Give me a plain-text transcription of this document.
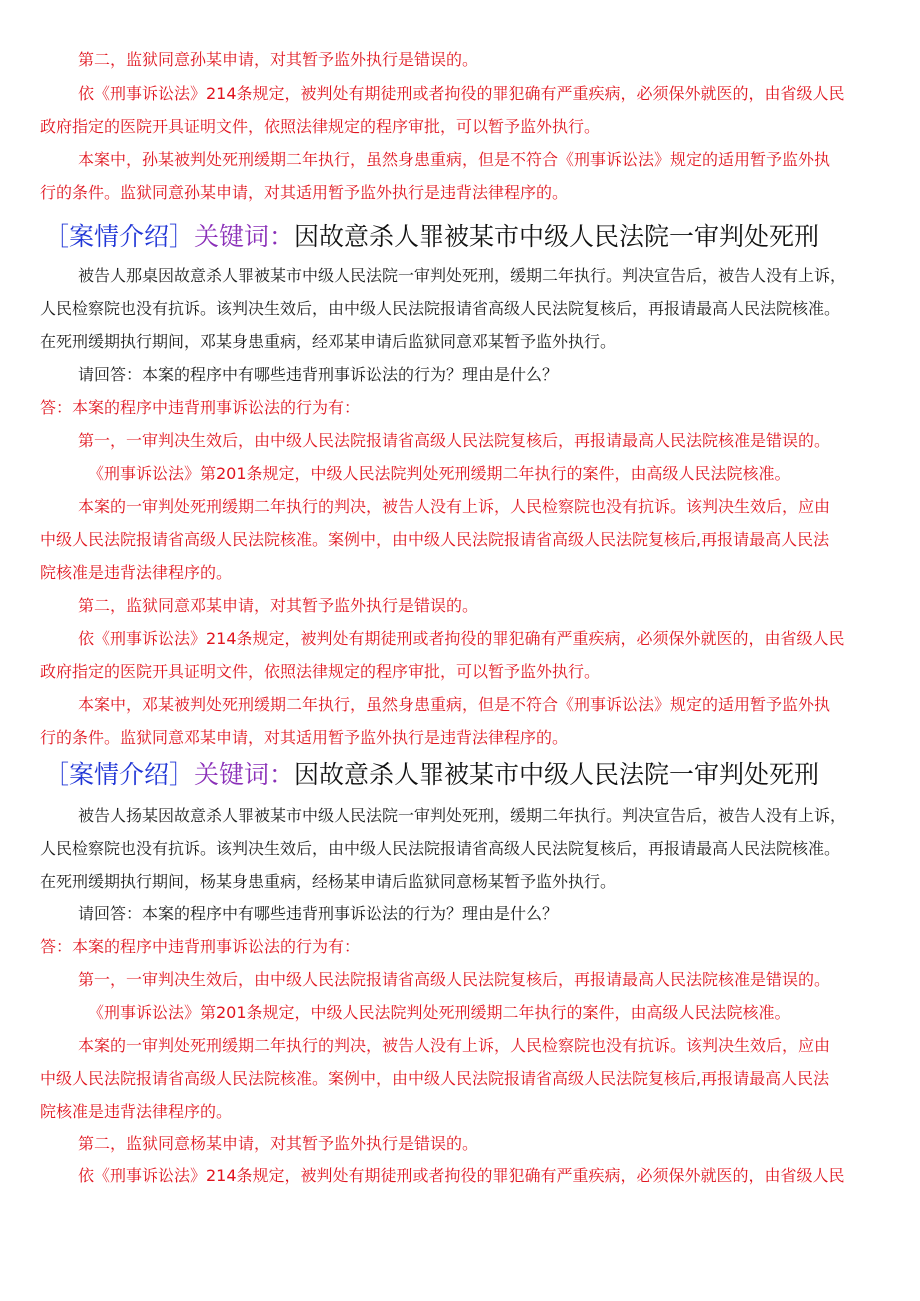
第二，监狱同意孙某申请，对其暂予监外执行是错误的。
依《刑事诉讼法》214条规定，被判处有期徒刑或者拘役的罪犯确有严重疾病，必须保外就医的，由省级人民
政府指定的医院开具证明文件，依照法律规定的程序审批，可以暂予监外执行。
本案中，孙某被判处死刑缓期二年执行，虽然身患重病，但是不符合《刑事诉讼法》规定的适用暂予监外执
行的条件。监狱同意孙某申请，对其适用暂予监外执行是违背法律程序的。
［案情介绍］关键词：因故意杀人罪被某市中级人民法院一审判处死刑
被告人那桌因故意杀人罪被某市中级人民法院一审判处死刑，缓期二年执行。判决宣告后，被告人没有上诉，
人民检察院也没有抗诉。该判决生效后，由中级人民法院报请省高级人民法院复核后，再报请最高人民法院核准。
在死刑缓期执行期间，邓某身患重病，经邓某申请后监狱同意邓某暂予监外执行。
请回答：本案的程序中有哪些违背刑事诉讼法的行为？理由是什么？
答：本案的程序中违背刑事诉讼法的行为有：
第一，一审判决生效后，由中级人民法院报请省高级人民法院复核后，再报请最高人民法院核准是错误的。
《刑事诉讼法》第201条规定，中级人民法院判处死刑缓期二年执行的案件，由高级人民法院核准。
本案的一审判处死刑缓期二年执行的判决，被告人没有上诉，人民检察院也没有抗诉。该判决生效后，应由
中级人民法院报请省高级人民法院核准。案例中，由中级人民法院报请省高级人民法院复核后,再报请最高人民法
院核准是违背法律程序的。
第二，监狱同意邓某申请，对其暂予监外执行是错误的。
依《刑事诉讼法》214条规定，被判处有期徒刑或者拘役的罪犯确有严重疾病，必须保外就医的，由省级人民
政府指定的医院开具证明文件，依照法律规定的程序审批，可以暂予监外执行。
本案中，邓某被判处死刑缓期二年执行，虽然身患重病，但是不符合《刑事诉讼法》规定的适用暂予监外执
行的条件。监狱同意邓某申请，对其适用暂予监外执行是违背法律程序的。
［案情介绍］关键词：因故意杀人罪被某市中级人民法院一审判处死刑
被告人扬某因故意杀人罪被某市中级人民法院一审判处死刑，缓期二年执行。判决宣告后，被告人没有上诉，
人民检察院也没有抗诉。该判决生效后，由中级人民法院报请省高级人民法院复核后，再报请最高人民法院核准。
在死刑缓期执行期间，杨某身患重病，经杨某申请后监狱同意杨某暂予监外执行。
请回答：本案的程序中有哪些违背刑事诉讼法的行为？理由是什么？
答：本案的程序中违背刑事诉讼法的行为有：
第一，一审判决生效后，由中级人民法院报请省高级人民法院复核后，再报请最高人民法院核准是错误的。
《刑事诉讼法》第201条规定，中级人民法院判处死刑缓期二年执行的案件，由高级人民法院核准。
本案的一审判处死刑缓期二年执行的判决，被告人没有上诉，人民检察院也没有抗诉。该判决生效后，应由
中级人民法院报请省高级人民法院核准。案例中，由中级人民法院报请省高级人民法院复核后,再报请最高人民法
院核准是违背法律程序的。
第二，监狱同意杨某申请，对其暂予监外执行是错误的。
依《刑事诉讼法》214条规定，被判处有期徒刑或者拘役的罪犯确有严重疾病，必须保外就医的，由省级人民
